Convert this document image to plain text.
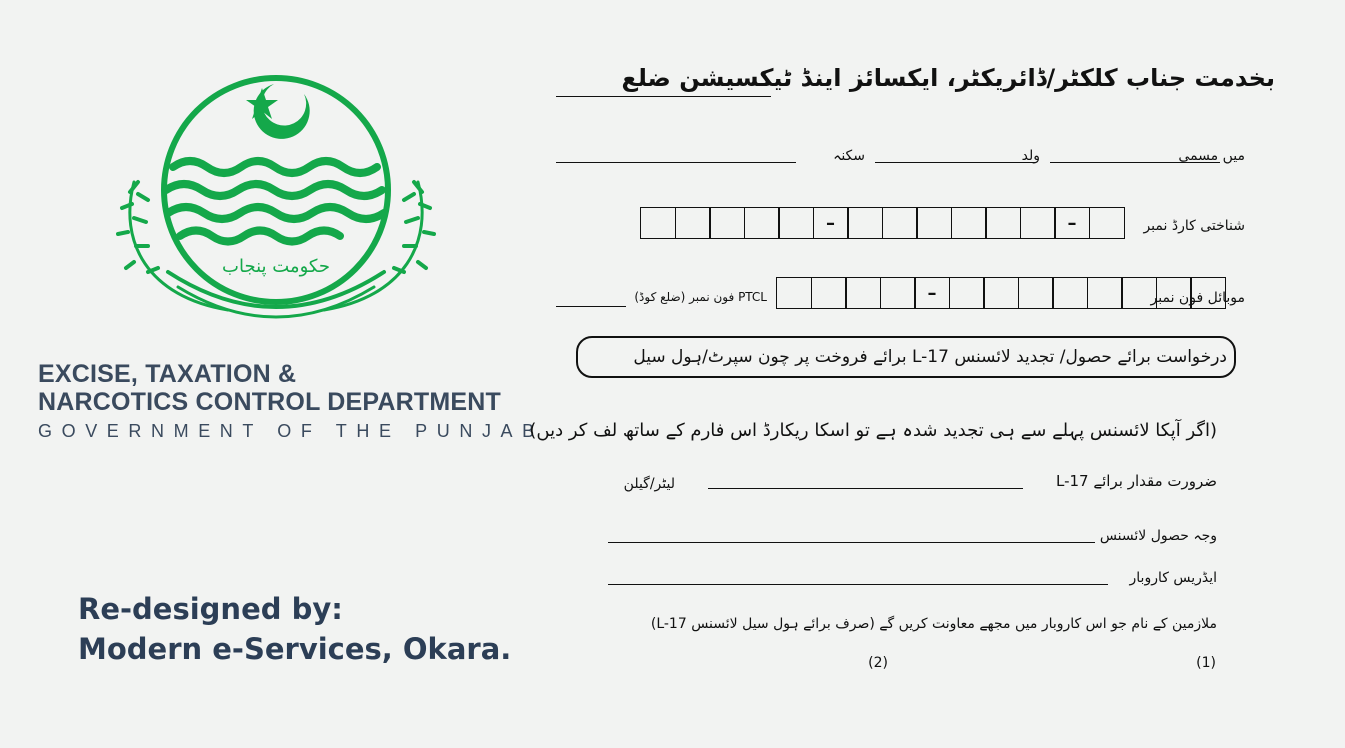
حکومت پنجاب
EXCISE, TAXATION &
NARCOTICS CONTROL DEPARTMENT
GOVERNMENT OF THE PUNJAB
Re-designed by:
Modern e-Services, Okara.
بخدمت جناب کلکٹر/ڈائریکٹر، ایکسائز اینڈ ٹیکسیشن ضلع
میں مسمی
ولد
سکنہ
شناختی کارڈ نمبر
–	–
موبائل فون نمبر
–
PTCL فون نمبر (ضلع کوڈ)
درخواست برائے حصول/ تجدید لائسنس L-17 برائے فروخت پر چون سپرٹ/ہول سیل
(اگر آپکا لائسنس پہلے سے ہی تجدید شدہ ہے تو اسکا ریکارڈ اس فارم کے ساتھ لف کر دیں)
ضرورت مقدار برائے L-17
لیٹر/گیلن
وجہ حصول لائسنس
ایڈریس کاروبار
ملازمین کے نام جو اس کاروبار میں مجھے معاونت کریں گے (صرف برائے ہول سیل لائسنس L-17)
(1)
(2)
